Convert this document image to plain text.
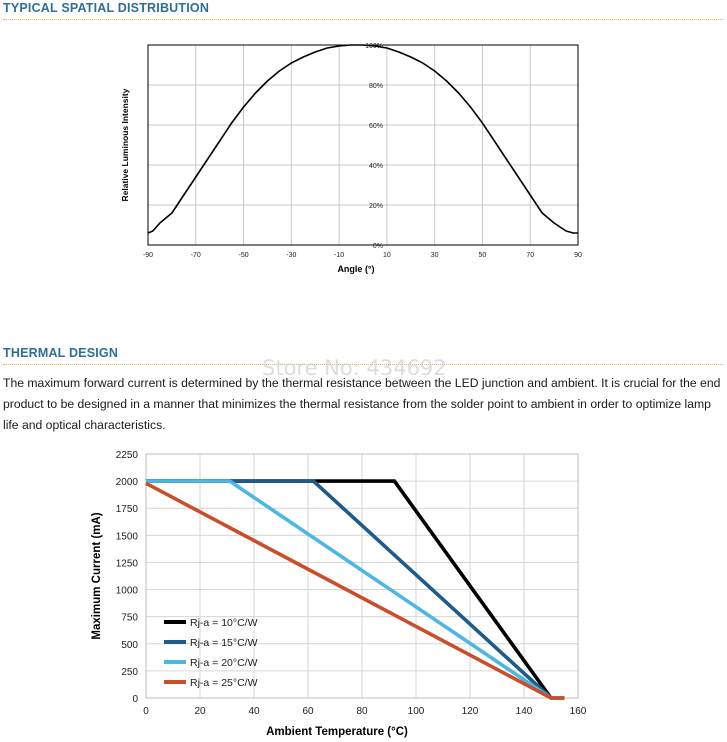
TYPICAL SPATIAL DISTRIBUTION
0%
20%
40%
60%
80%
100%
-90	-70	-50	-30	-10	10	30	50	70	90
Angle (°)
Relative Luminous Intensity
THERMAL DESIGN
Store No: 434692

The maximum forward current is determined by the thermal resistance between the LED junction and ambient. It is crucial for the end product to be designed in a manner that minimizes the thermal resistance from the solder point to ambient in order to optimize lamp life and optical characteristics.

0
250
500
750
1000
1250
1500
1750
2000
2250
0	20	40	60	80	100	120	140	160
Rj-a = 10°C/W
Rj-a = 15°C/W
Rj-a = 20°C/W
Rj-a = 25°C/W
Ambient Temperature (°C)
Maximum Current (mA)
